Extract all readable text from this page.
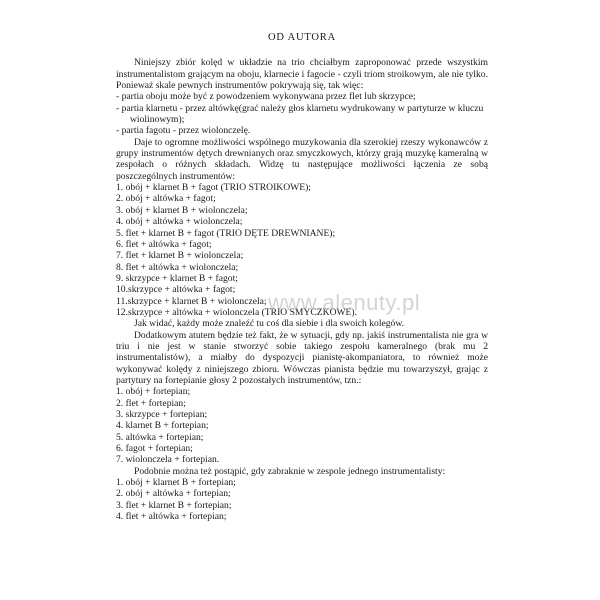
OD AUTORA

Niniejszy zbiór kolęd w układzie na trio chciałbym zaproponować przede wszystkim instrumentalistom grającym na oboju, klarnecie i fagocie - czyli triom stroikowym, ale nie tylko. Ponieważ skale pewnych instrumentów pokrywają się, tak więc:

- partia oboju może być z powodzeniem wykonywana przez flet lub skrzypce;

- partia klarnetu - przez altówkę(grać należy głos klarnetu wydrukowany w partyturze w kluczu wiolinowym);

- partia fagotu - przez wiolonczelę.

Daje to ogromne możliwości wspólnego muzykowania dla szerokiej rzeszy wykonawców z grupy instrumentów dętych drewnianych oraz smyczkowych, którzy grają muzykę kameralną w zespołach o różnych składach. Widzę tu następujące możliwości łączenia ze sobą poszczególnych instrumentów:

1. obój + klarnet B + fagot (TRIO STROIKOWE);

2. obój + altówka + fagot;

3. obój + klarnet B + wiolonczela;

4. obój + altówka + wiolonczela;

5. flet + klarnet B + fagot (TRIO DĘTE DREWNIANE);

6. flet + altówka + fagot;

7. flet + klarnet B + wiolonczela;

8. flet + altówka + wiolonczela;

9. skrzypce + klarnet B + fagot;

10.skrzypce + altówka + fagot;

11.skrzypce + klarnet B + wiolonczela;

12.skrzypce + altówka + wiolonczela (TRIO SMYCZKOWE).

Jak widać, każdy może znaleźć tu coś dla siebie i dla swoich kolegów.

Dodatkowym atutem będzie też fakt, że w sytuacji, gdy np. jakiś instrumentalista nie gra w triu i nie jest w stanie stworzyć sobie takiego zespołu kameralnego (brak mu 2 instrumentalistów), a miałby do dyspozycji pianistę-akompaniatora, to również może wykonywać kolędy z niniejszego zbioru. Wówczas pianista będzie mu towarzyszył, grając z partytury na fortepianie głosy 2 pozostałych instrumentów, tzn.:

1. obój + fortepian;

2. flet + fortepian;

3. skrzypce + fortepian;

4. klarnet B + fortepian;

5. altówka + fortepian;

6. fagot + fortepian;

7. wiolonczela + fortepian.

Podobnie można też postąpić, gdy zabraknie w zespole jednego instrumentalisty:

1. obój + klarnet B + fortepian;

2. obój + altówka + fortepian;

3. flet + klarnet B + fortepian;

4. flet + altówka + fortepian;

www.alenuty.pl
